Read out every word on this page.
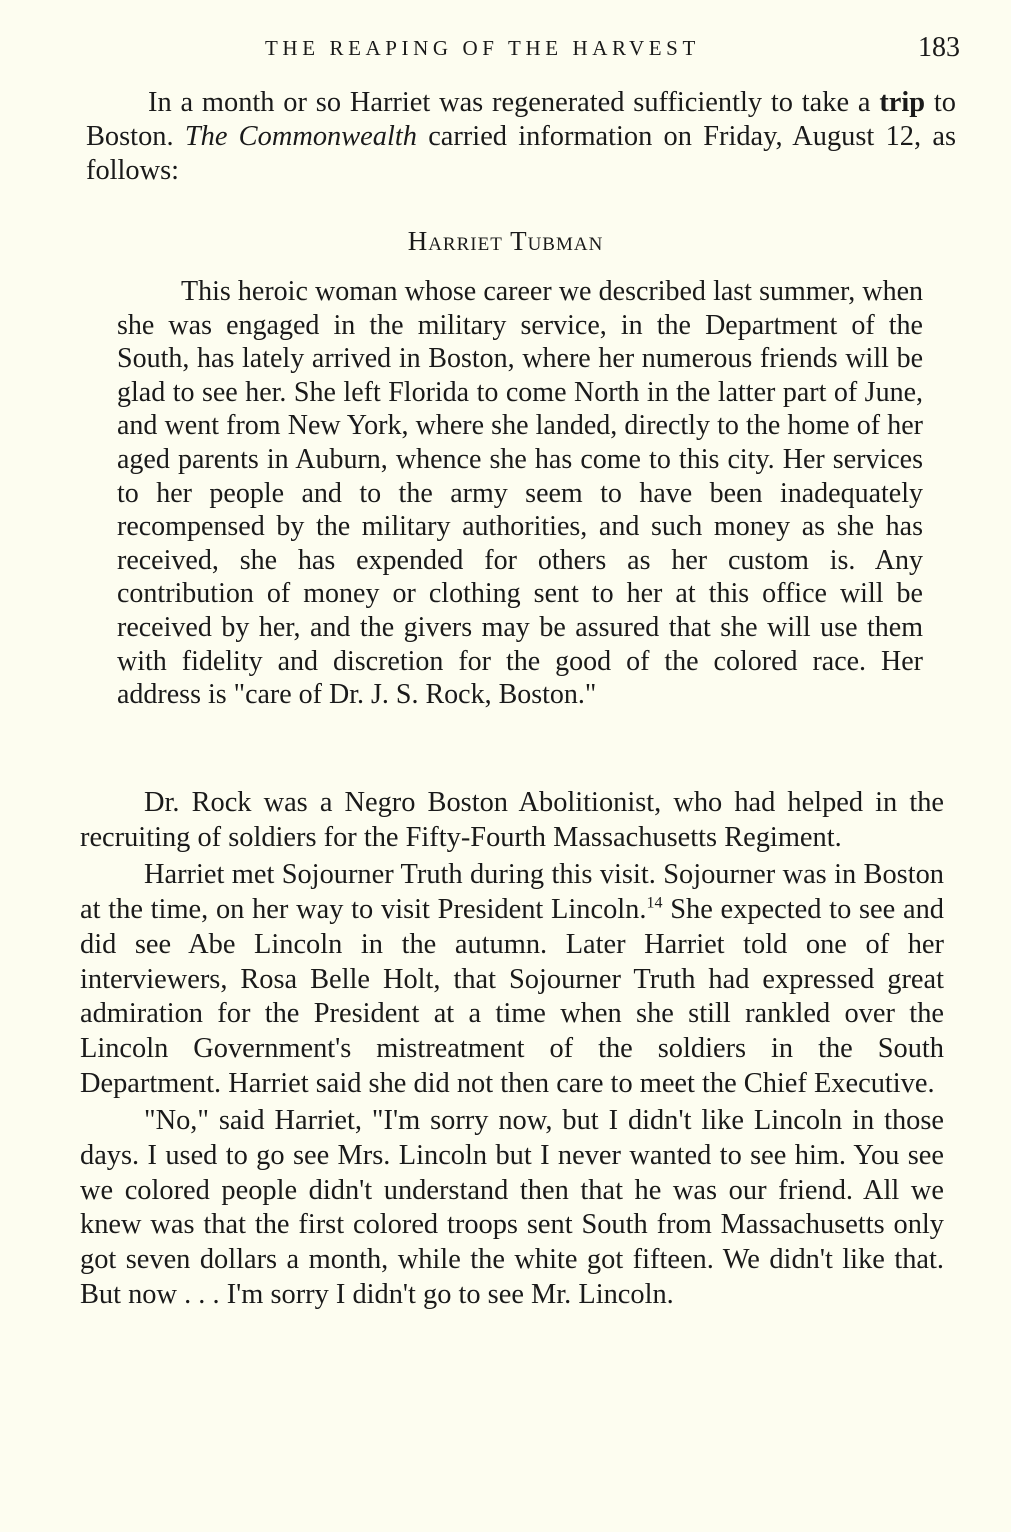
THE REAPING OF THE HARVEST	183

In a month or so Harriet was regenerated sufficiently to take a trip to Boston. The Commonwealth carried information on Friday, August 12, as follows:

Harriet Tubman

This heroic woman whose career we described last summer, when she was engaged in the military service, in the Department of the South, has lately arrived in Boston, where her numerous friends will be glad to see her. She left Florida to come North in the latter part of June, and went from New York, where she landed, directly to the home of her aged parents in Auburn, whence she has come to this city. Her services to her people and to the army seem to have been inadequately recompensed by the military authorities, and such money as she has received, she has expended for others as her custom is. Any contribution of money or clothing sent to her at this office will be received by her, and the givers may be assured that she will use them with fidelity and discretion for the good of the colored race. Her address is "care of Dr. J. S. Rock, Boston."

Dr. Rock was a Negro Boston Abolitionist, who had helped in the recruiting of soldiers for the Fifty-Fourth Massachusetts Regiment.

Harriet met Sojourner Truth during this visit. Sojourner was in Boston at the time, on her way to visit President Lincoln.$^{14}$ She expected to see and did see Abe Lincoln in the autumn. Later Harriet told one of her interviewers, Rosa Belle Holt, that Sojourner Truth had expressed great admiration for the President at a time when she still rankled over the Lincoln Government's mistreatment of the soldiers in the South Department. Harriet said she did not then care to meet the Chief Executive.

"No," said Harriet, "I'm sorry now, but I didn't like Lincoln in those days. I used to go see Mrs. Lincoln but I never wanted to see him. You see we colored people didn't understand then that he was our friend. All we knew was that the first colored troops sent South from Massachusetts only got seven dollars a month, while the white got fifteen. We didn't like that. But now . . . I'm sorry I didn't go to see Mr. Lincoln.
